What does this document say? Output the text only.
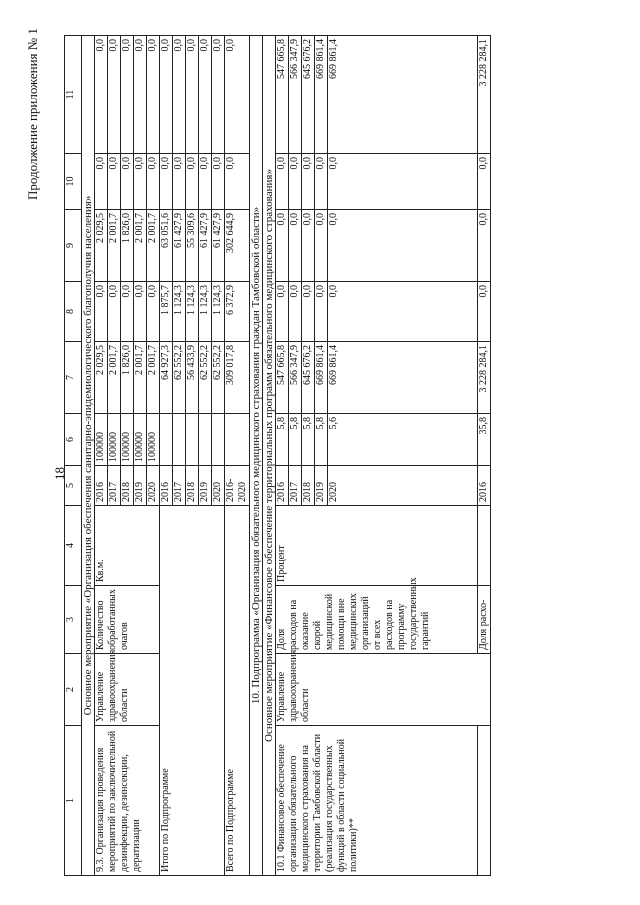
18
Продолжение приложения № 1
1	2	3	4	5	6	7	8	9	10	11
Основное мероприятие «Организация обеспечения санитарно-эпидемиологического благополучия населения»										
9.3. Организация проведения мероприятий по заключительной дезинфекции, дезинсекции, дератизации	Управление здравоохранения области	Количество обработанных очагов	Кв.м.	2016	100000	2 029,5	0,0	2 029,5	0,0	0,0
				2017	100000	2 001,7	0,0	2 001,7	0,0	0,0
				2018	100000	1 826,0	0,0	1 826,0	0,0	0,0
				2019	100000	2 001,7	0,0	2 001,7	0,0	0,0
				2020	100000	2 001,7	0,0	2 001,7	0,0	0,0
Итого по Подпрограмме				2016		64 927,3	1 875,7	63 051,6	0,0	0,0
				2017		62 552,2	1 124,3	61 427,9	0,0	0,0
				2018		56 433,9	1 124,3	55 309,6	0,0	0,0
				2019		62 552,2	1 124,3	61 427,9	0,0	0,0
				2020		62 552,2	1 124,3	61 427,9	0,0	0,0
Всего по Подпрограмме				2016-2020		309 017,8	6 372,9	302 644,9	0,0	0,0
10. Подпрограмма «Организация обязательного медицинского страхования граждан Тамбовской области»										
Основное мероприятие «Финансовое обеспечение территориальных программ обязательного медицинского страхования»										
10.1 Финансовое обеспечение организации обязательного медицинского страхования на территории Тамбовской области (реализация государственных функций в области социальной политики)**	Управление здравоохранения области	Доля расходов на оказание скорой медицинской помощи вне медицинских организаций от всех расходов на программу государственных гарантий	Процент	2016	5,8	547 665,8	0,0	0,0	0,0	547 665,8
				2017	5,8	566 347,9	0,0	0,0	0,0	566 347,9
				2018	5,8	645 676,2	0,0	0,0	0,0	645 676,2
				2019	5,8	669 861,4	0,0	0,0	0,0	669 861,4
				2020	5,6	669 861,4	0,0	0,0	0,0	669 861,4
		Доля расхо-		2016	35,8	3 228 284,1	0,0	0,0	0,0	3 228 284,1
